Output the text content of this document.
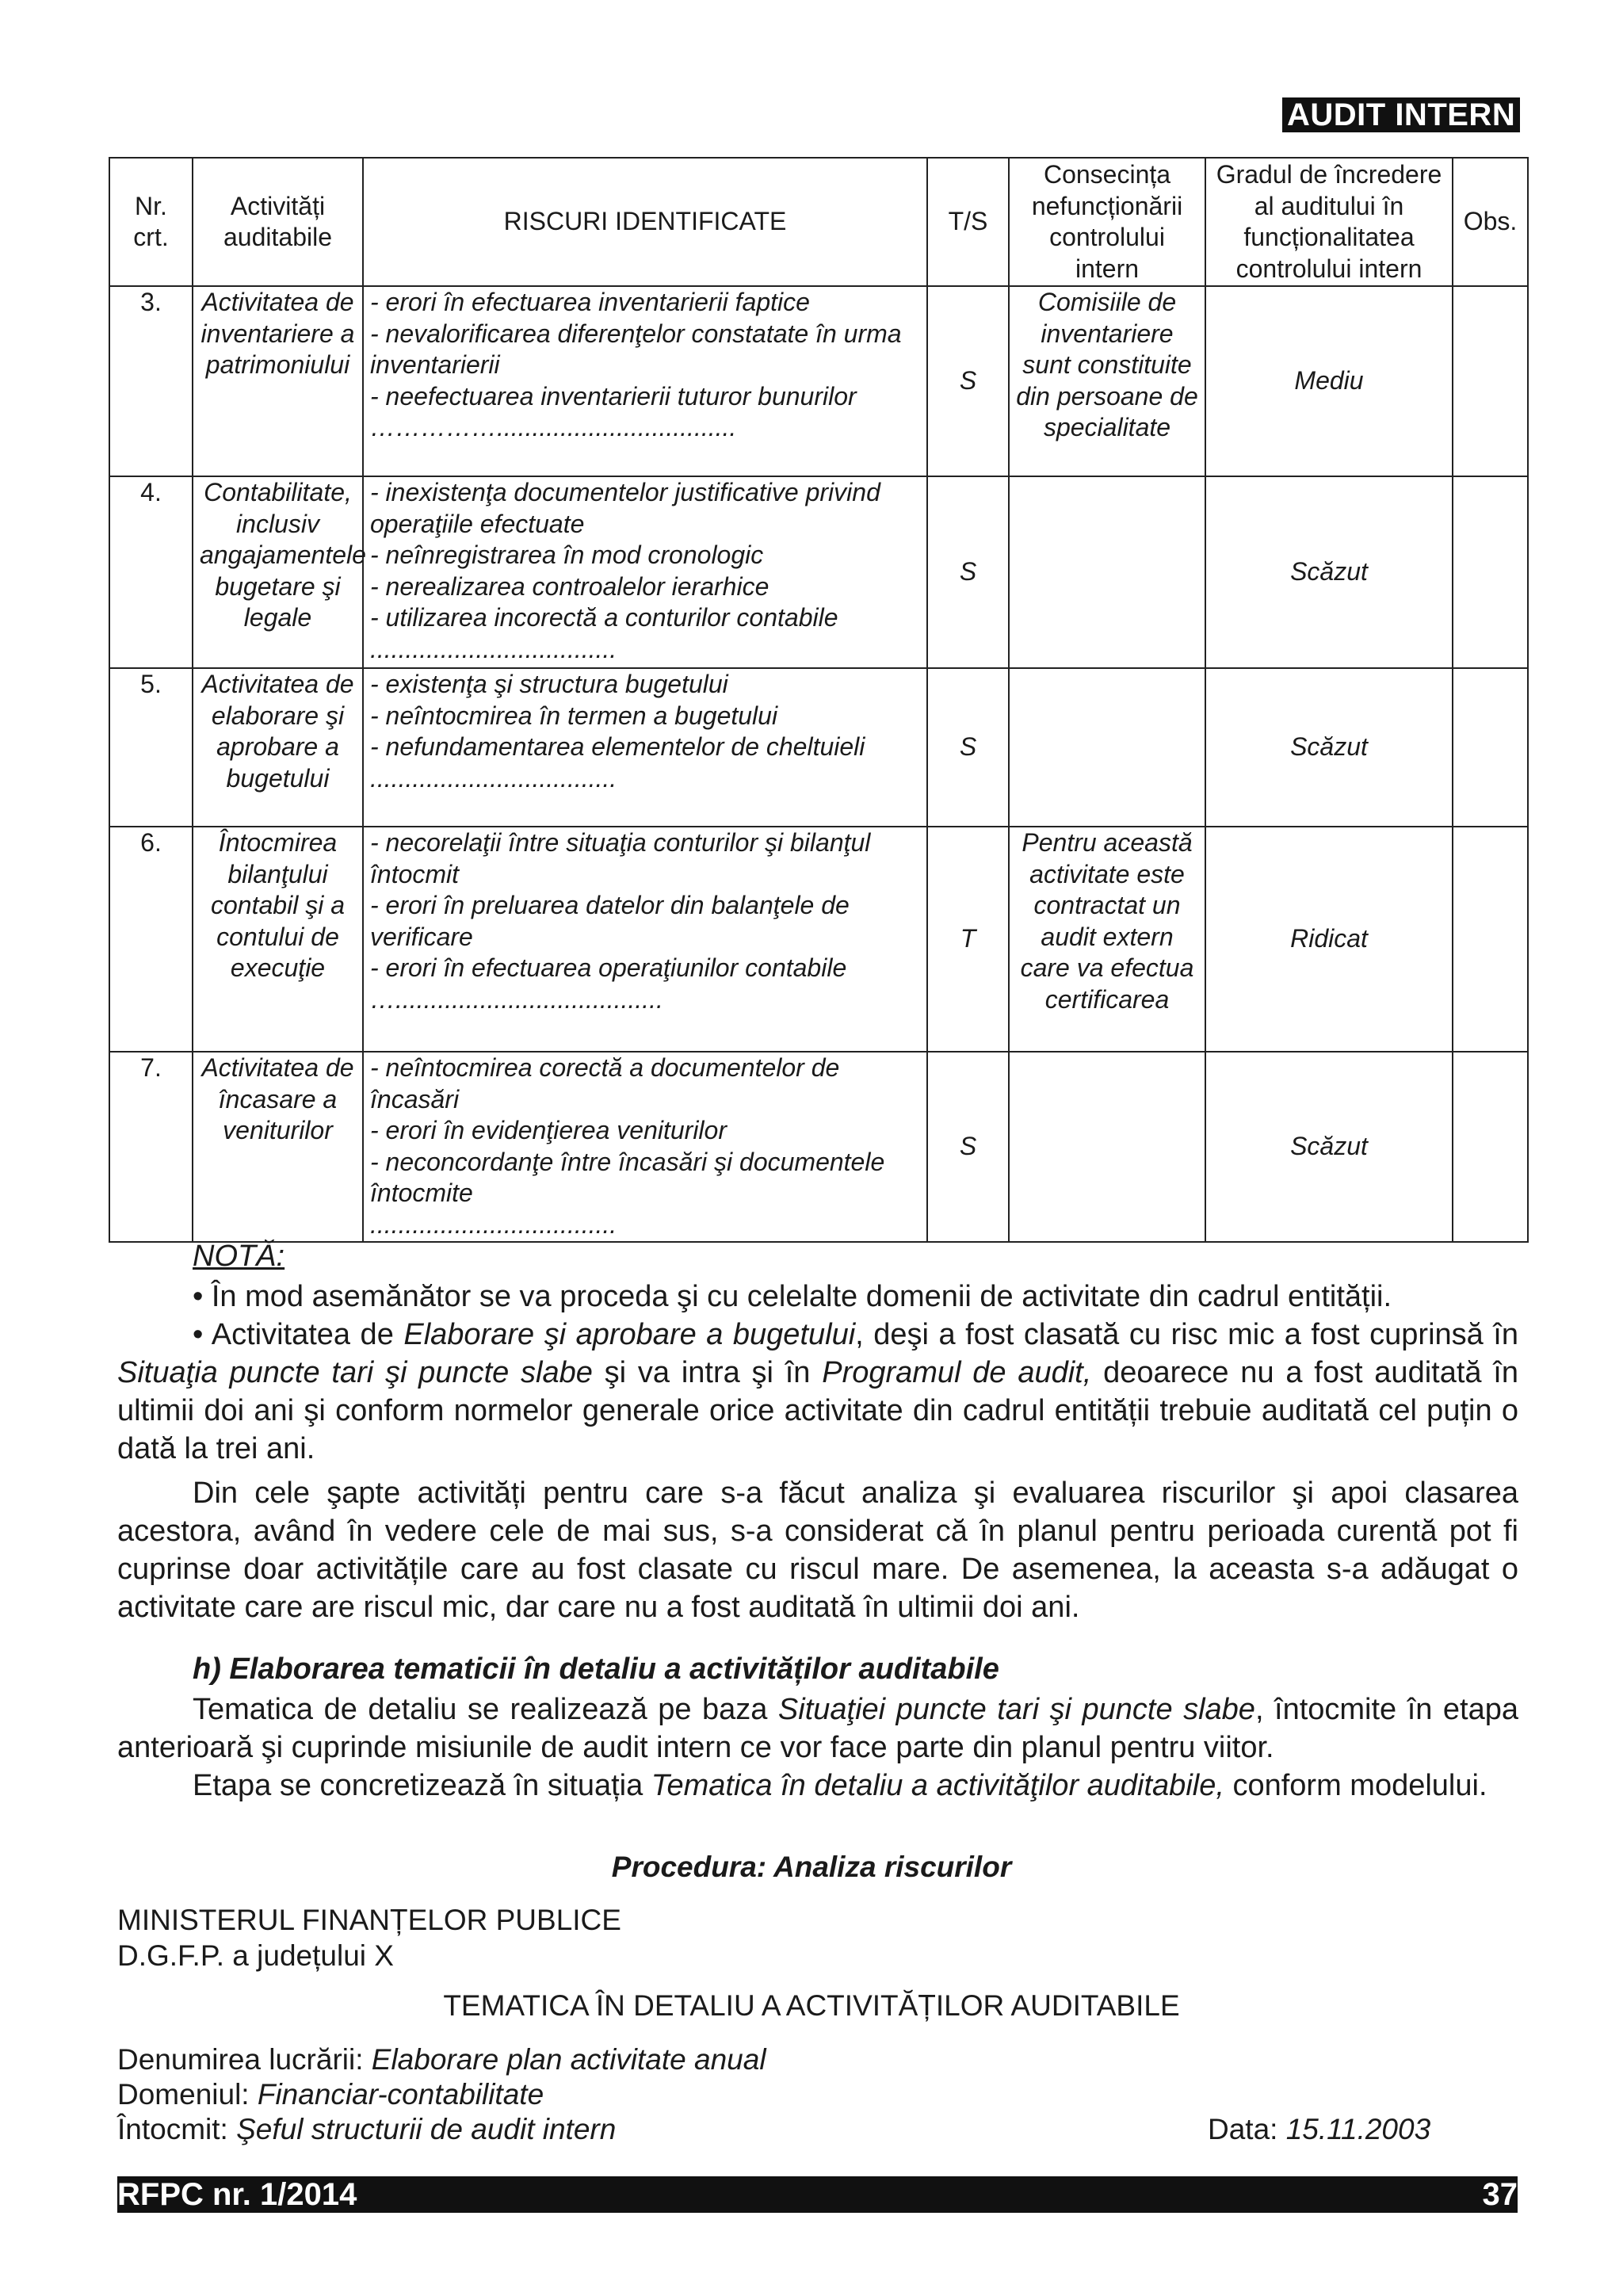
AUDIT INTERN
Nr. crt.	Activități auditabile	RISCURI IDENTIFICATE	T/S	Consecința nefuncționării controlului intern	Gradul de încredere al auditului în funcționalitatea controlului intern	Obs.
3.	Activitatea de inventariere a patrimoniului	- erori în efectuarea inventarierii faptice
- nevalorificarea diferenţelor constatate în urma inventarierii
- neefectuarea inventarierii tuturor bunurilor
……………..................................	S	Comisiile de inventariere sunt constituite din persoane de specialitate	Mediu	
4.	Contabilitate, inclusiv angajamentele bugetare şi legale	- inexistenţa documentelor justificative privind operaţiile efectuate
- neînregistrarea în mod cronologic
- nerealizarea controalelor ierarhice
- utilizarea incorectă a conturilor contabile
...................................	S		Scăzut	
5.	Activitatea de elaborare şi aprobare a bugetului	- existenţa şi structura bugetului
- neîntocmirea în termen a bugetului
- nefundamentarea elementelor de cheltuieli
...................................	S		Scăzut	
6.	Întocmirea bilanţului contabil şi a contului de execuţie	- necorelaţii între situaţia conturilor şi bilanţul întocmit
- erori în preluarea datelor din balanţele de verificare
- erori în efectuarea operaţiunilor contabile
…......................................	T	Pentru această activitate este contractat un audit extern care va efectua certificarea	Ridicat	
7.	Activitatea de încasare a veniturilor	- neîntocmirea corectă a documentelor de încasări
- erori în evidenţierea veniturilor
- neconcordanţe între încasări şi documentele întocmite
...................................	S		Scăzut	
NOTĂ:

• În mod asemănător se va proceda şi cu celelalte domenii de activitate din cadrul entității.

• Activitatea de Elaborare şi aprobare a bugetului, deşi a fost clasată cu risc mic a fost cuprinsă în Situaţia puncte tari şi puncte slabe şi va intra şi în Programul de audit, deoarece nu a fost auditată în ultimii doi ani şi conform normelor generale orice activitate din cadrul entității trebuie auditată cel puțin o dată la trei ani.

Din cele şapte activități pentru care s-a făcut analiza şi evaluarea riscurilor şi apoi clasarea acestora, având în vedere cele de mai sus, s-a considerat că în planul pentru perioada curentă pot fi cuprinse doar activitățile care au fost clasate cu riscul mare. De asemenea, la aceasta s-a adăugat o activitate care are riscul mic, dar care nu a fost auditată în ultimii doi ani.

h) Elaborarea tematicii în detaliu a activităților auditabile

Tematica de detaliu se realizează pe baza Situaţiei puncte tari şi puncte slabe, întocmite în etapa anterioară şi cuprinde misiunile de audit intern ce vor face parte din planul pentru viitor.

Etapa se concretizează în situația Tematica în detaliu a activităţilor auditabile, conform modelului.

Procedura: Analiza riscurilor
MINISTERUL FINANȚELOR PUBLICE
D.G.F.P. a județului X
TEMATICA ÎN DETALIU A ACTIVITĂȚILOR AUDITABILE
Denumirea lucrării: Elaborare plan activitate anual
Domeniul: Financiar-contabilitate
Întocmit: Şeful structurii de audit intern	Data: 15.11.2003
RFPC nr. 1/2014	37
